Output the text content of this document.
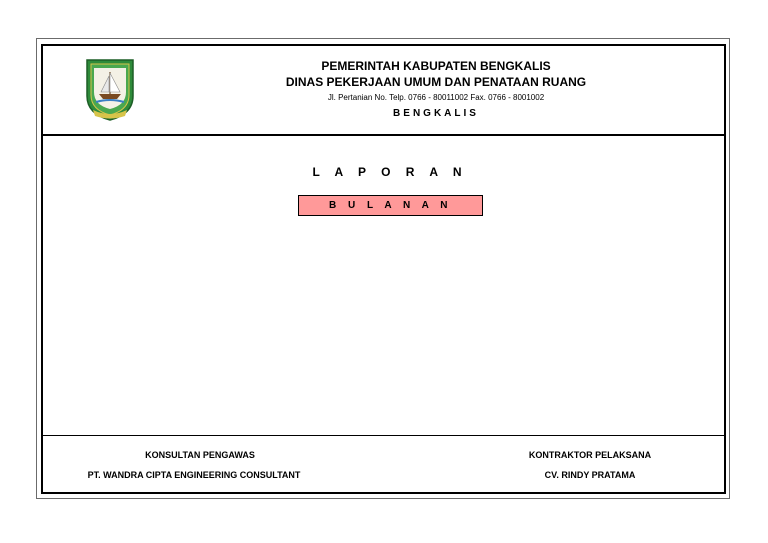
PEMERINTAH KABUPATEN BENGKALIS
DINAS PEKERJAAN UMUM DAN PENATAAN RUANG
Jl. Pertanian No. Telp. 0766 - 80011002 Fax. 0766 - 8001002
BENGKALIS
L A P O R A N
B U L A N A N
KONSULTAN PENGAWAS
PT. WANDRA CIPTA ENGINEERING CONSULTANT
KONTRAKTOR PELAKSANA
CV. RINDY PRATAMA
